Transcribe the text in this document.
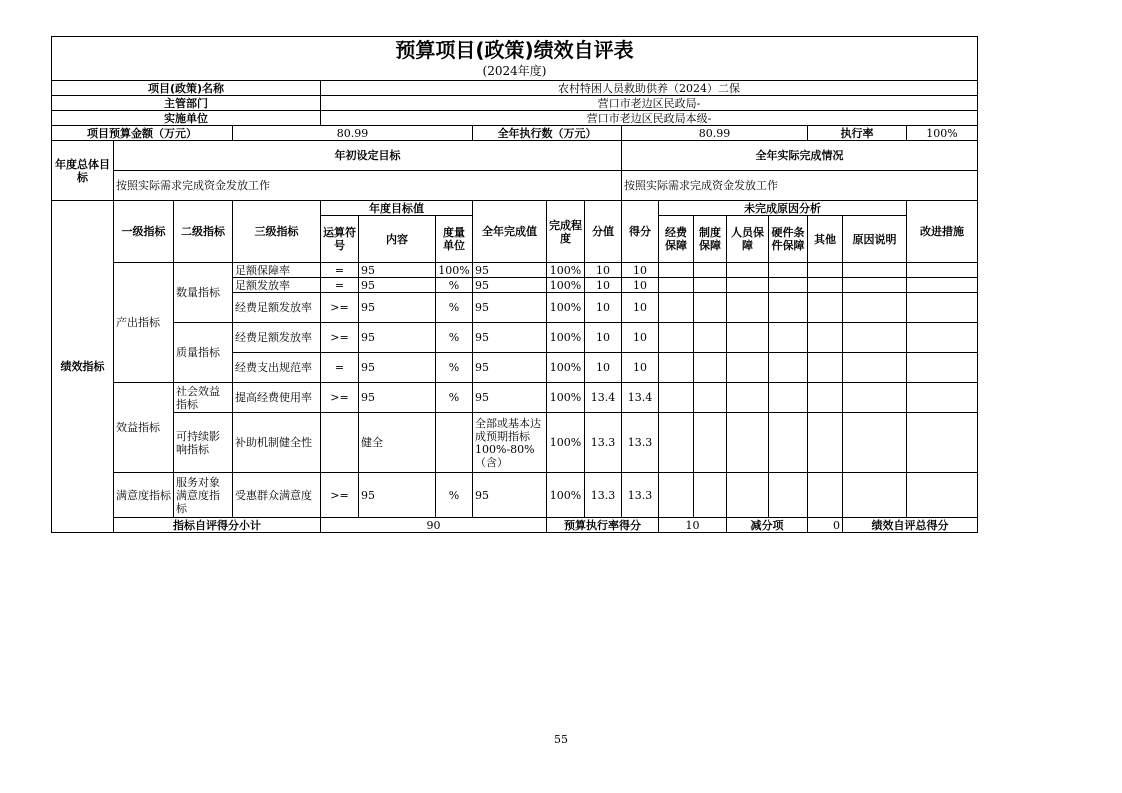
预算项目(政策)绩效自评表																		
(2024年度)																		
项目(政策)名称				农村特困人员救助供养（2024）二保														
主管部门				营口市老边区民政局-														
实施单位				营口市老边区民政局本级-														
项目预算金额（万元）			80.99				全年执行数（万元）			80.99					执行率		100%	
年度总体目标	年初设定目标									全年实际完成情况								
	按照实际需求完成资金发放工作									按照实际需求完成资金发放工作								
绩效指标	一级指标	二级指标	三级指标	年度目标值			全年完成值	完成程度	分值	得分	未完成原因分析						改进措施	
				运算符号	内容	度量单位					经费保障	制度保障	人员保障	硬件条件保障	其他	原因说明		
	产出指标	数量指标	足额保障率	=	95	100%	95	100%	10	10								
			足额发放率	=	95	%	95	100%	10	10								
			经费足额发放率	>=	95	%	95	100%	10	10								
		质量指标	经费足额发放率	>=	95	%	95	100%	10	10								
			经费支出规范率	=	95	%	95	100%	10	10								
	效益指标	社会效益指标	提高经费使用率	>=	95	%	95	100%	13.4	13.4								
		可持续影响指标	补助机制健全性		健全		全部或基本达成预期指标100%-80%（含）	100%	13.3	13.3								
	满意度指标	服务对象满意度指标	受惠群众满意度	>=	95	%	95	100%	13.3	13.3								
	指标自评得分小计			90				预算执行率得分			10		减分项		0	绩效自评总得分	
55
